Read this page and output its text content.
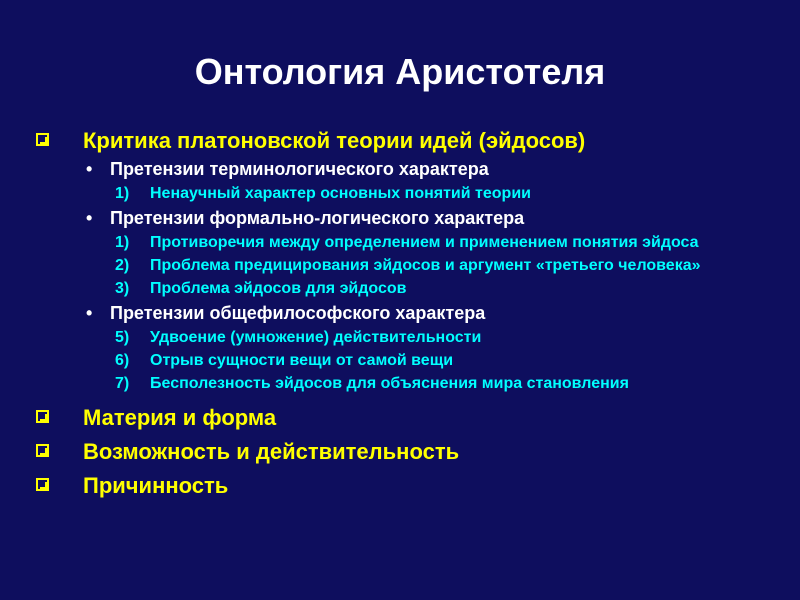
Онтология Аристотеля
Критика платоновской теории идей (эйдосов)
• Претензии терминологического характера
1)	Ненаучный характер основных понятий теории
• Претензии формально-логического характера
1)	Противоречия между определением и применением понятия эйдоса
2)	Проблема предицирования эйдосов и аргумент «третьего человека»
3)	Проблема эйдосов для эйдосов
• Претензии общефилософского характера
5)	Удвоение (умножение) действительности
6)	Отрыв сущности вещи от самой вещи
7)	Бесполезность эйдосов для объяснения мира становления
Материя и форма
Возможность и действительность
Причинность
